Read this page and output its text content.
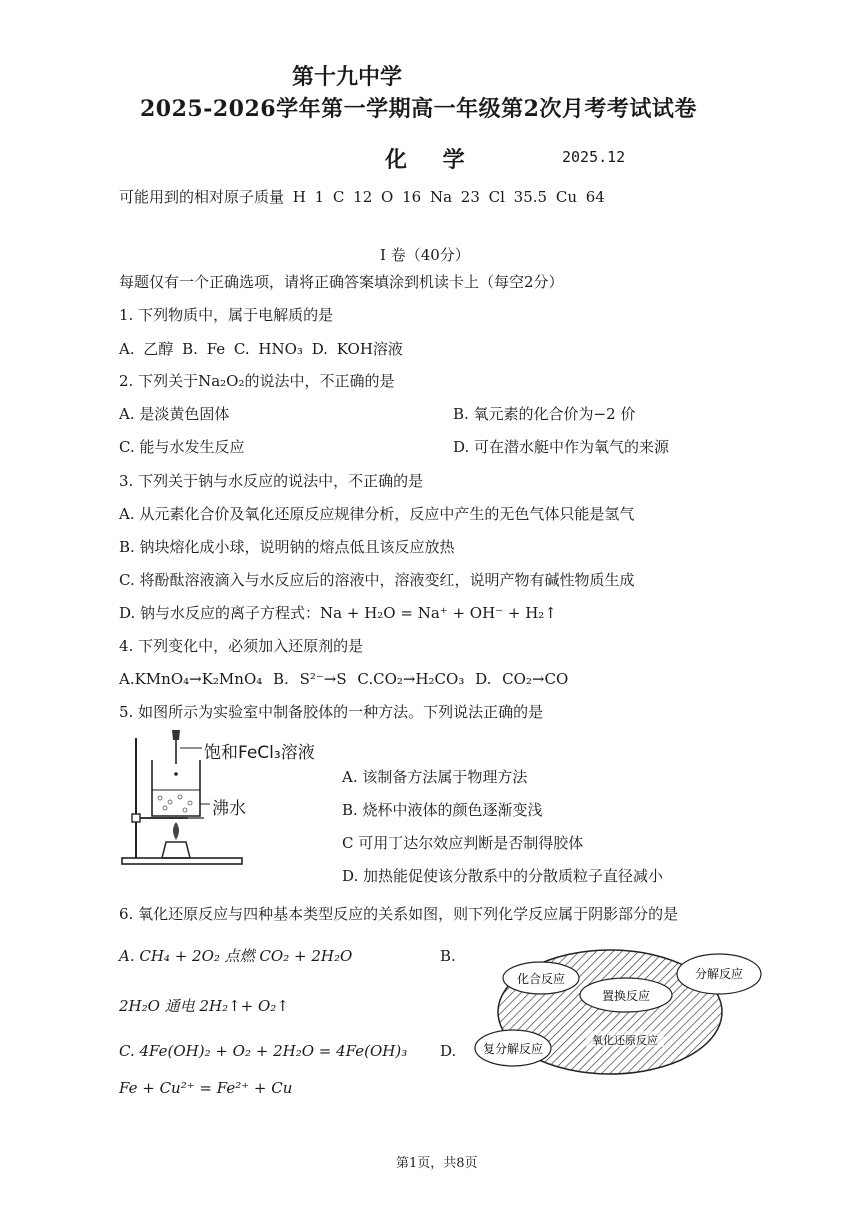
第十九中学
2025-2026学年第一学期高一年级第2次月考考试试卷
化 学	2025.12
可能用到的相对原子质量 H 1 C 12 O 16 Na 23 Cl 35.5 Cu 64
I 卷（40分）
每题仅有一个正确选项，请将正确答案填涂到机读卡上（每空2分）
1. 下列物质中，属于电解质的是
A. 乙醇 B. Fe C. HNO₃ D. KOH溶液
2. 下列关于Na₂O₂的说法中，不正确的是
A. 是淡黄色固体	B. 氧元素的化合价为−2 价
C. 能与水发生反应	D. 可在潜水艇中作为氧气的来源
3. 下列关于钠与水反应的说法中，不正确的是
A. 从元素化合价及氧化还原反应规律分析，反应中产生的无色气体只能是氢气
B. 钠块熔化成小球，说明钠的熔点低且该反应放热
C. 将酚酞溶液滴入与水反应后的溶液中，溶液变红，说明产物有碱性物质生成
D. 钠与水反应的离子方程式：Na + H₂O = Na⁺ + OH⁻ + H₂↑
4. 下列变化中，必须加入还原剂的是
A.KMnO₄→K₂MnO₄ B. S²⁻→S C.CO₂→H₂CO₃ D. CO₂→CO
5. 如图所示为实验室中制备胶体的一种方法。下列说法正确的是
饱和FeCl₃溶液
沸水
A. 该制备方法属于物理方法
B. 烧杯中液体的颜色逐渐变浅
C 可用丁达尔效应判断是否制得胶体
D. 加热能促使该分散系中的分散质粒子直径减小
6. 氧化还原反应与四种基本类型反应的关系如图，则下列化学反应属于阴影部分的是
A. CH₄ + 2O₂ 点燃 CO₂ + 2H₂O	B.
2H₂O 通电 2H₂↑+ O₂↑
C. 4Fe(OH)₂ + O₂ + 2H₂O = 4Fe(OH)₃ D.
Fe + Cu²⁺ = Fe²⁺ + Cu
化合反应	分解反应
置换反应
氧化还原反应
复分解反应
第1页，共8页
